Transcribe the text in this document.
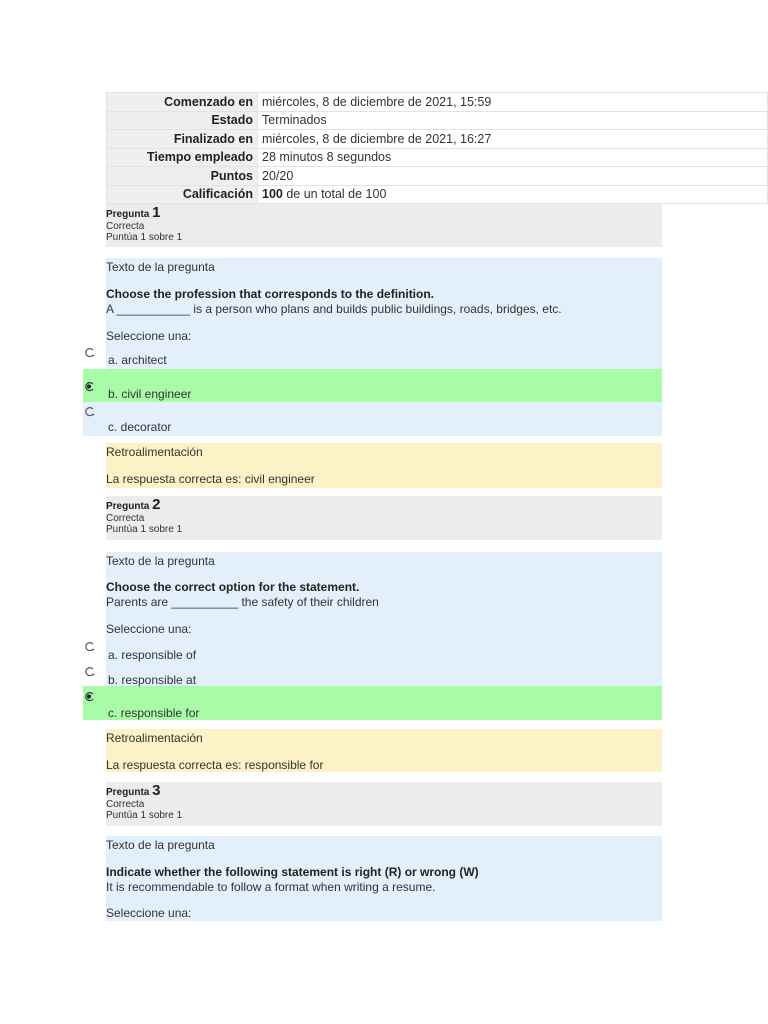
Comenzado en	miércoles, 8 de diciembre de 2021, 15:59
Estado	Terminados
Finalizado en	miércoles, 8 de diciembre de 2021, 16:27
Tiempo empleado	28 minutos 8 segundos
Puntos	20/20
Calificación	100 de un total de 100
Pregunta 1
Correcta
Puntúa 1 sobre 1
Texto de la pregunta
Choose the profession that corresponds to the definition.
A ___________ is a person who plans and builds public buildings, roads, bridges, etc.
Seleccione una:
a. architect
b. civil engineer
c. decorator
Retroalimentación
La respuesta correcta es: civil engineer
Pregunta 2
Correcta
Puntúa 1 sobre 1
Texto de la pregunta
Choose the correct option for the statement.
Parents are __________ the safety of their children
Seleccione una:
a. responsible of
b. responsible at
c. responsible for
Retroalimentación
La respuesta correcta es: responsible for
Pregunta 3
Correcta
Puntúa 1 sobre 1
Texto de la pregunta
Indicate whether the following statement is right (R) or wrong (W)
It is recommendable to follow a format when writing a resume.
Seleccione una:
